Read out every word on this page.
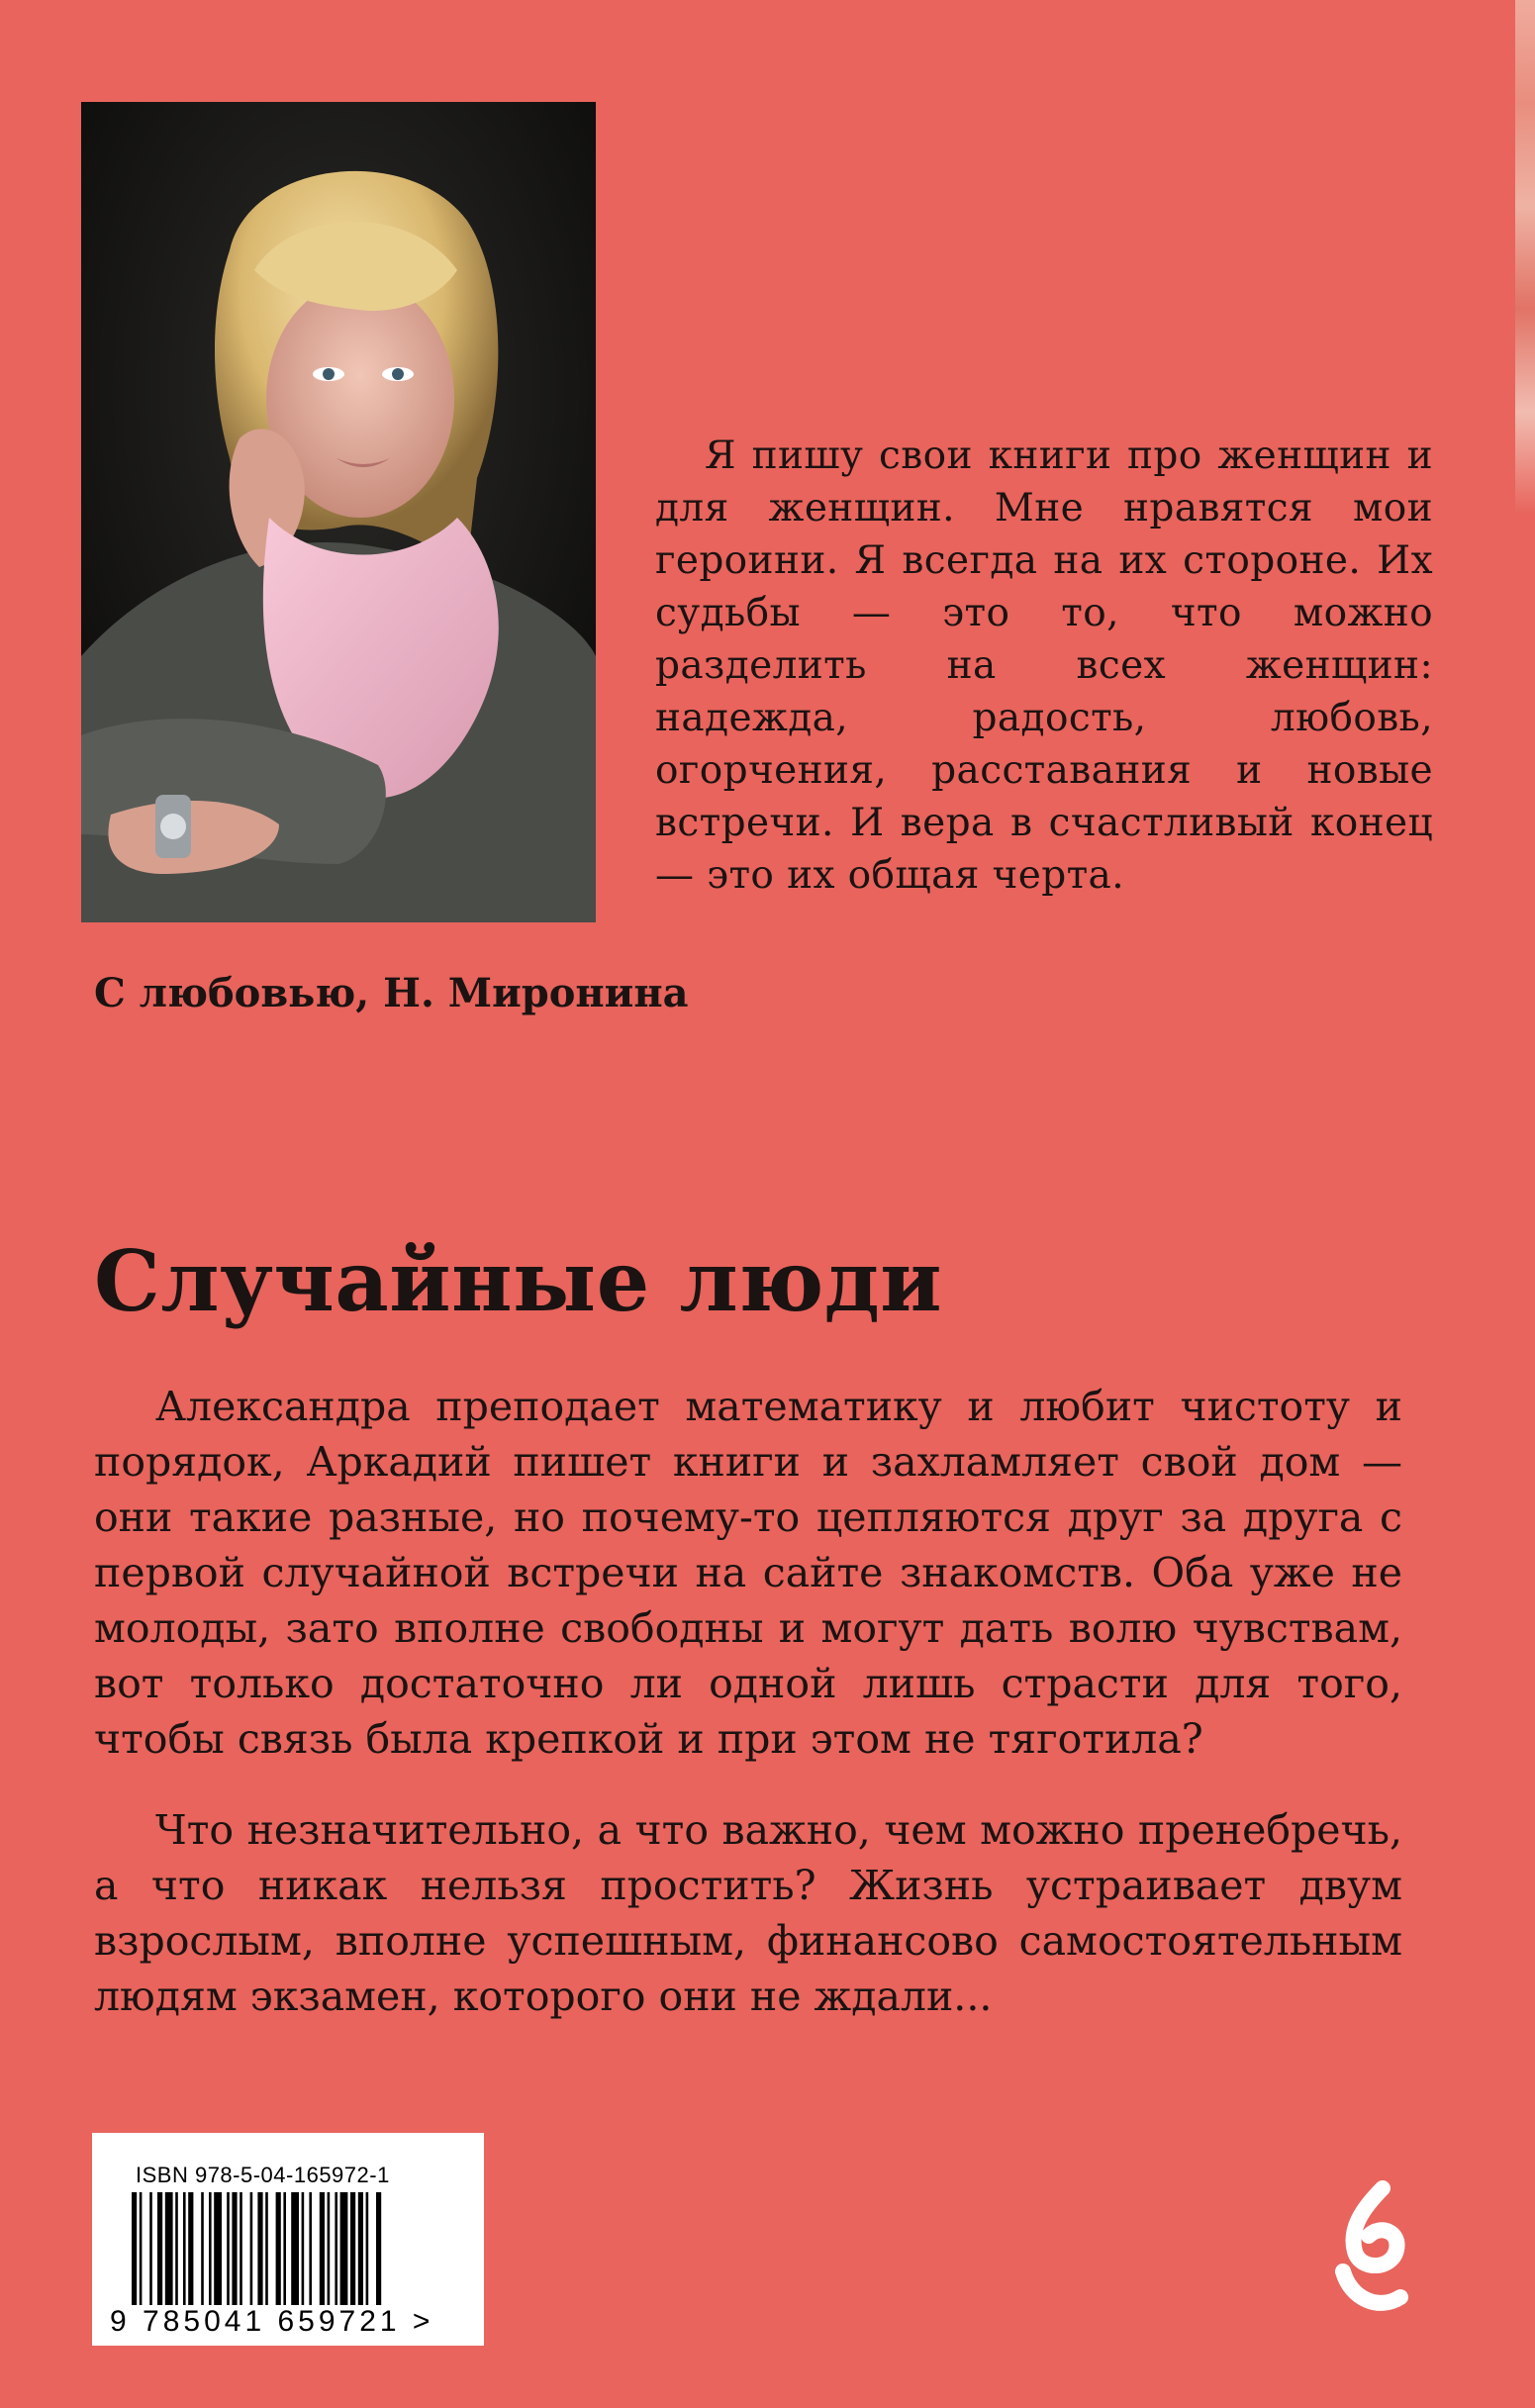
Я пишу свои книги про женщин и для женщин. Мне нравятся мои героини. Я всегда на их стороне. Их судьбы — это то, что можно разделить на всех женщин: надежда, радость, любовь, огорчения, расставания и новые встречи. И вера в счастливый конец — это их общая черта.

С любовью, Н. Миронина

Случайные люди

Александра преподает математику и любит чистоту и порядок, Аркадий пишет книги и захламляет свой дом — они такие разные, но почему-то цепляются друг за друга с первой случайной встречи на сайте знакомств. Оба уже не молоды, зато вполне свободны и могут дать волю чувствам, вот только достаточно ли одной лишь страсти для того, чтобы связь была крепкой и при этом не тяготила?

Что незначительно, а что важно, чем можно пренебречь, а что никак нельзя простить? Жизнь устраивает двум взрослым, вполне успешным, финансово самостоятельным людям экзамен, которого они не ждали...

ISBN 978-5-04-165972-1
9 785041 659721 >
